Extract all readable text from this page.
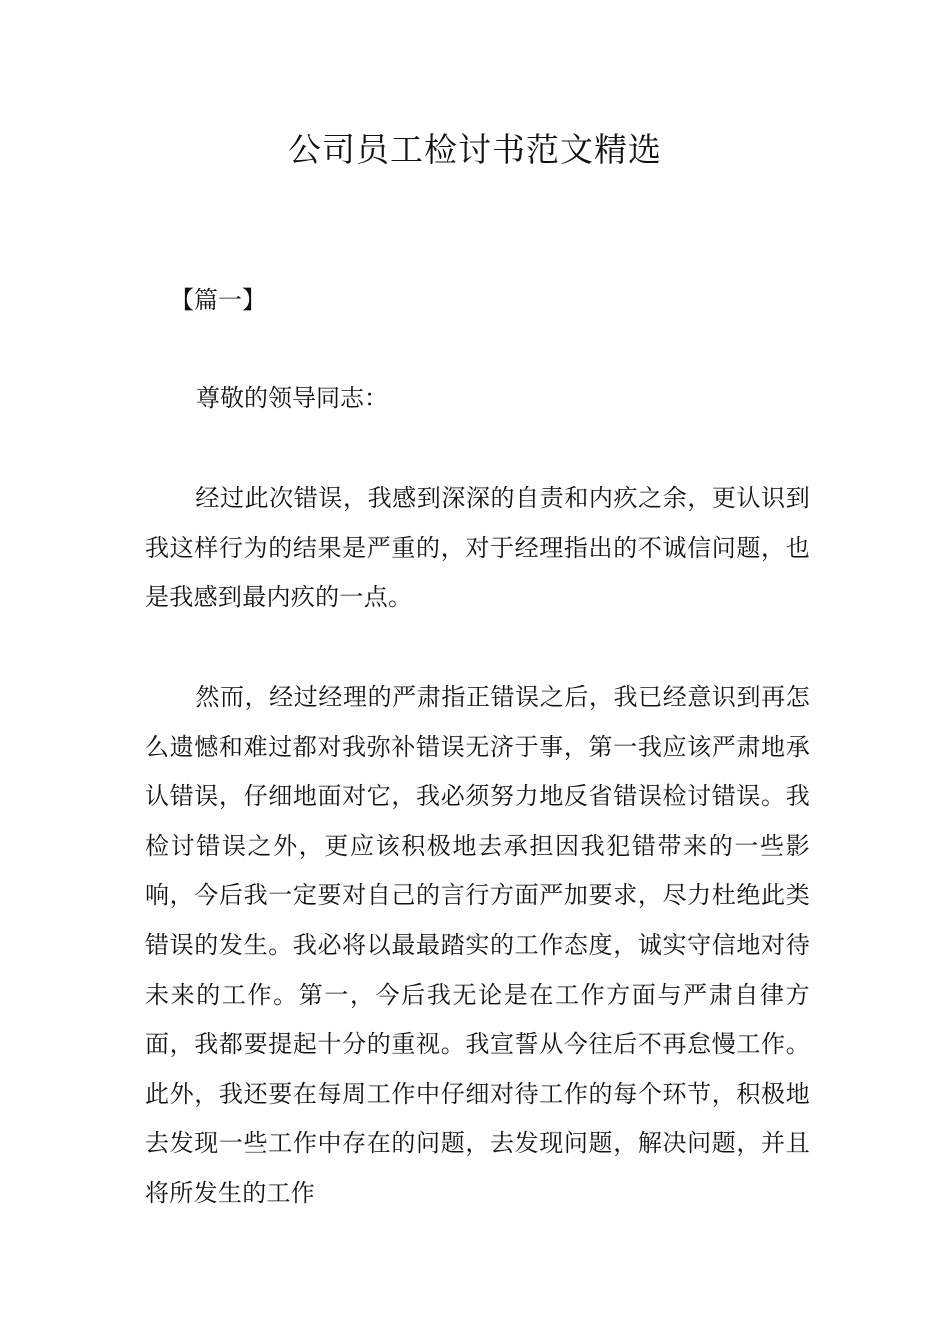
公司员工检讨书范文精选
【篇一】

尊敬的领导同志：

经过此次错误，我感到深深的自责和内疚之余，更认识到我这样行为的结果是严重的，对于经理指出的不诚信问题，也是我感到最内疚的一点。

然而，经过经理的严肃指正错误之后，我已经意识到再怎么遗憾和难过都对我弥补错误无济于事，第一我应该严肃地承认错误，仔细地面对它，我必须努力地反省错误检讨错误。我检讨错误之外，更应该积极地去承担因我犯错带来的一些影响，今后我一定要对自己的言行方面严加要求，尽力杜绝此类错误的发生。我必将以最最踏实的工作态度，诚实守信地对待未来的工作。第一，今后我无论是在工作方面与严肃自律方面，我都要提起十分的重视。我宣誓从今往后不再怠慢工作。此外，我还要在每周工作中仔细对待工作的每个环节，积极地去发现一些工作中存在的问题，去发现问题，解决问题，并且将所发生的工作
